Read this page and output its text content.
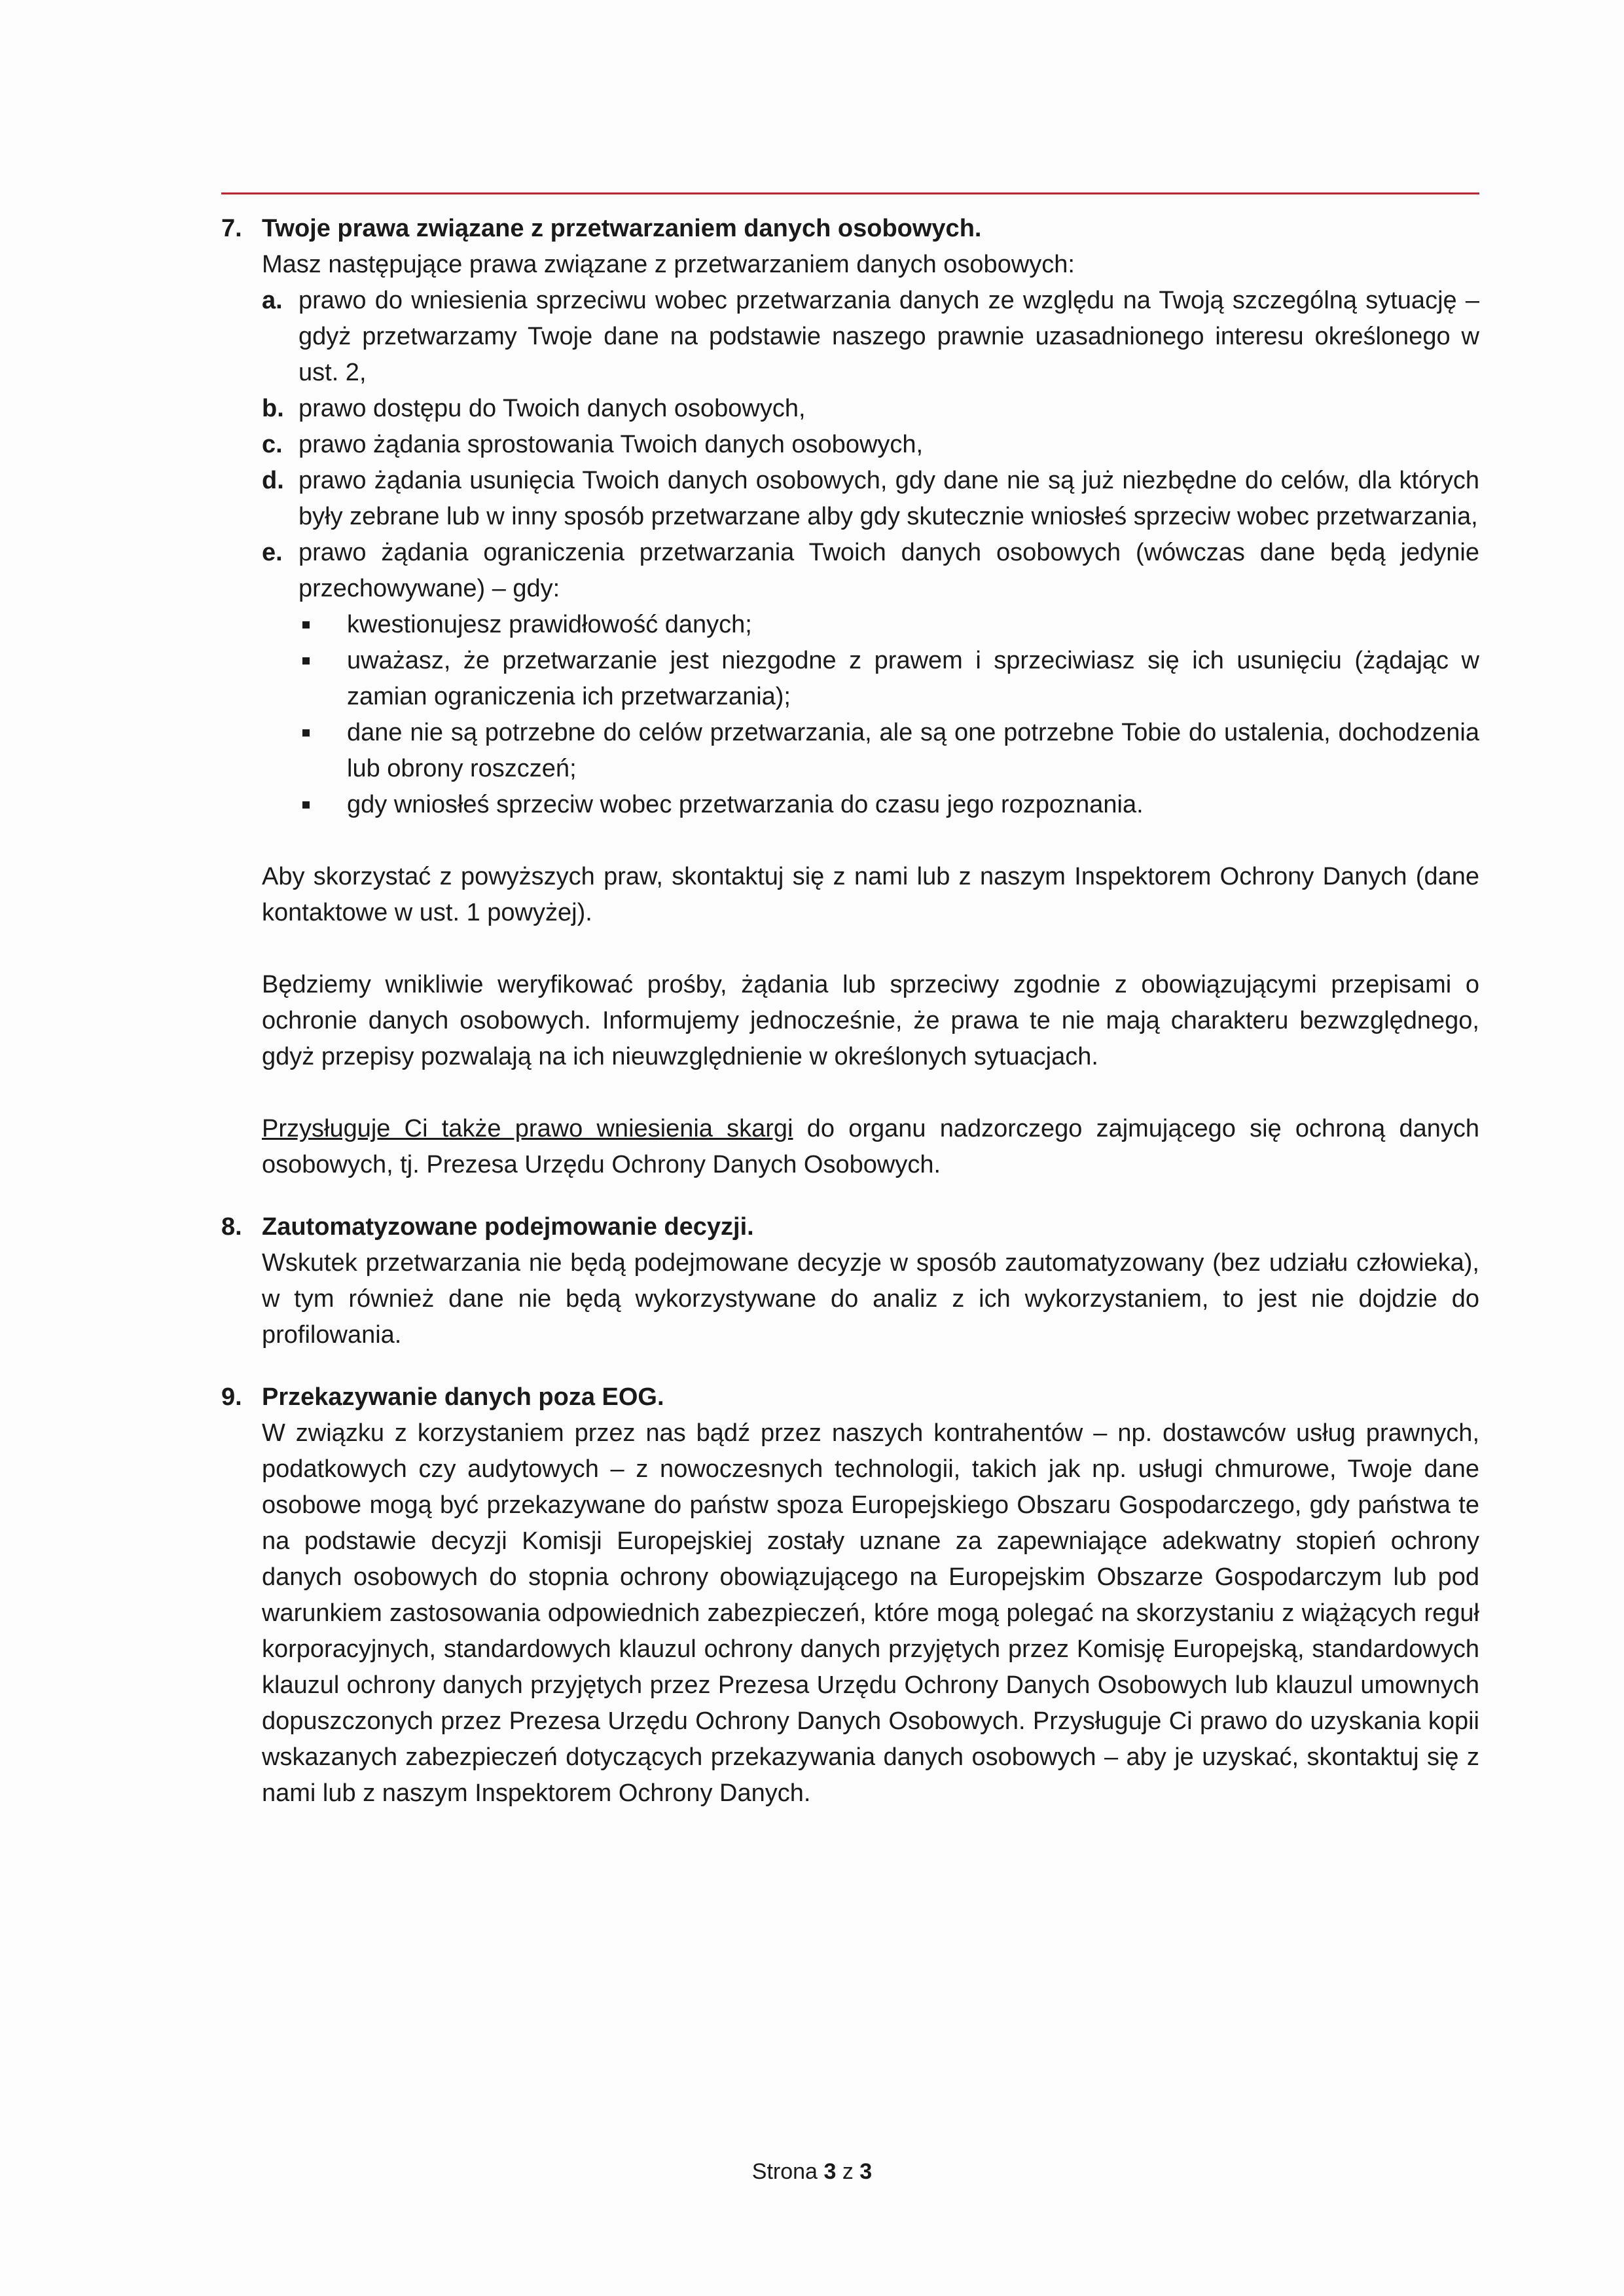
7. Twoje prawa związane z przetwarzaniem danych osobowych.

Masz następujące prawa związane z przetwarzaniem danych osobowych:

a. prawo do wniesienia sprzeciwu wobec przetwarzania danych ze względu na Twoją szczególną sytuację – gdyż przetwarzamy Twoje dane na podstawie naszego prawnie uzasadnionego interesu określonego w ust. 2,
b. prawo dostępu do Twoich danych osobowych,
c. prawo żądania sprostowania Twoich danych osobowych,
d. prawo żądania usunięcia Twoich danych osobowych, gdy dane nie są już niezbędne do celów, dla których były zebrane lub w inny sposób przetwarzane alby gdy skutecznie wniosłeś sprzeciw wobec przetwarzania,
e. prawo żądania ograniczenia przetwarzania Twoich danych osobowych (wówczas dane będą jedynie przechowywane) – gdy:
kwestionujesz prawidłowość danych;
uważasz, że przetwarzanie jest niezgodne z prawem i sprzeciwiasz się ich usunięciu (żądając w zamian ograniczenia ich przetwarzania);
dane nie są potrzebne do celów przetwarzania, ale są one potrzebne Tobie do ustalenia, dochodzenia lub obrony roszczeń;
gdy wniosłeś sprzeciw wobec przetwarzania do czasu jego rozpoznania.

Aby skorzystać z powyższych praw, skontaktuj się z nami lub z naszym Inspektorem Ochrony Danych (dane kontaktowe w ust. 1 powyżej).

Będziemy wnikliwie weryfikować prośby, żądania lub sprzeciwy zgodnie z obowiązującymi przepisami o ochronie danych osobowych. Informujemy jednocześnie, że prawa te nie mają charakteru bezwzględnego, gdyż przepisy pozwalają na ich nieuwzględnienie w określonych sytuacjach.

Przysługuje Ci także prawo wniesienia skargi do organu nadzorczego zajmującego się ochroną danych osobowych, tj. Prezesa Urzędu Ochrony Danych Osobowych.

8. Zautomatyzowane podejmowanie decyzji.

Wskutek przetwarzania nie będą podejmowane decyzje w sposób zautomatyzowany (bez udziału człowieka), w tym również dane nie będą wykorzystywane do analiz z ich wykorzystaniem, to jest nie dojdzie do profilowania.

9. Przekazywanie danych poza EOG.

W związku z korzystaniem przez nas bądź przez naszych kontrahentów – np. dostawców usług prawnych, podatkowych czy audytowych – z nowoczesnych technologii, takich jak np. usługi chmurowe, Twoje dane osobowe mogą być przekazywane do państw spoza Europejskiego Obszaru Gospodarczego, gdy państwa te na podstawie decyzji Komisji Europejskiej zostały uznane za zapewniające adekwatny stopień ochrony danych osobowych do stopnia ochrony obowiązującego na Europejskim Obszarze Gospodarczym lub pod warunkiem zastosowania odpowiednich zabezpieczeń, które mogą polegać na skorzystaniu z wiążących reguł korporacyjnych, standardowych klauzul ochrony danych przyjętych przez Komisję Europejską, standardowych klauzul ochrony danych przyjętych przez Prezesa Urzędu Ochrony Danych Osobowych lub klauzul umownych dopuszczonych przez Prezesa Urzędu Ochrony Danych Osobowych. Przysługuje Ci prawo do uzyskania kopii wskazanych zabezpieczeń dotyczących przekazywania danych osobowych – aby je uzyskać, skontaktuj się z nami lub z naszym Inspektorem Ochrony Danych.

Strona 3 z 3
